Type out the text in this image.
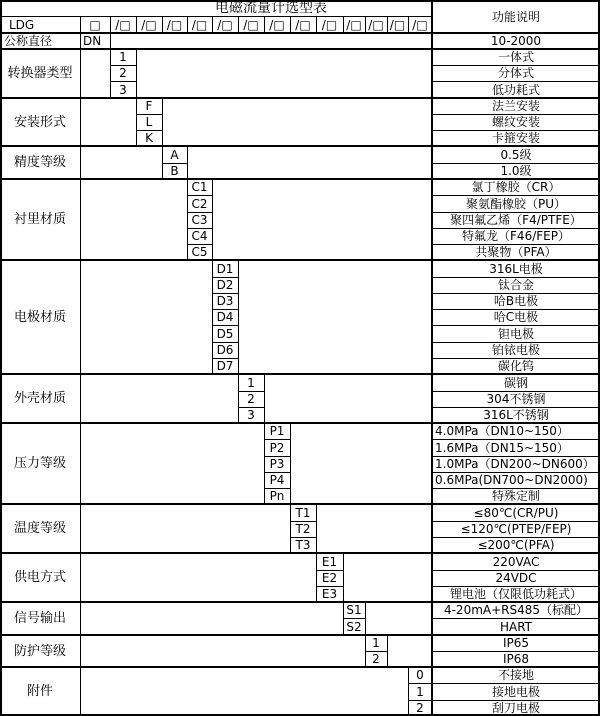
电磁流量计选型表
功能说明
LDG	□	/□ /□ /□ /□ /□ /□ /□ /□ /□ /□ /□ /□ /□
公称直径	DN	10-2000
转换器类型
1	一体式
2	分体式
3	低功耗式
安装形式
F	法兰安装
L	螺纹安装
K	卡箍安装
精度等级
A	0.5级
B	1.0级
衬里材质
C1	氯丁橡胶（CR）
C2	聚氨酯橡胶（PU）
C3	聚四氟乙烯（F4/PTFE）
C4	特氟龙（F46/FEP）
C5	共聚物（PFA）
电极材质
D1	316L电极
D2	钛合金
D3	哈B电极
D4	哈C电极
D5	钽电极
D6	铂铱电极
D7	碳化钨
外壳材质
1	碳钢
2	304不锈钢
3	316L不锈钢
压力等级
P1	4.0MPa（DN10~150）
P2	1.6MPa（DN15~150）
P3	1.0MPa（DN200~DN600）
P4	0.6MPa(DN700~DN2000)
Pn	特殊定制
温度等级
T1	≤80℃(CR/PU)
T2	≤120℃(PTEP/FEP)
T3	≤200℃(PFA)
供电方式
E1	220VAC
E2	24VDC
E3	锂电池（仅限低功耗式）
信号输出
S1	4-20mA+RS485（标配）
S2	HART
防护等级
1	IP65
2	IP68
附件
0	不接地
1	接地电极
2	刮刀电极
